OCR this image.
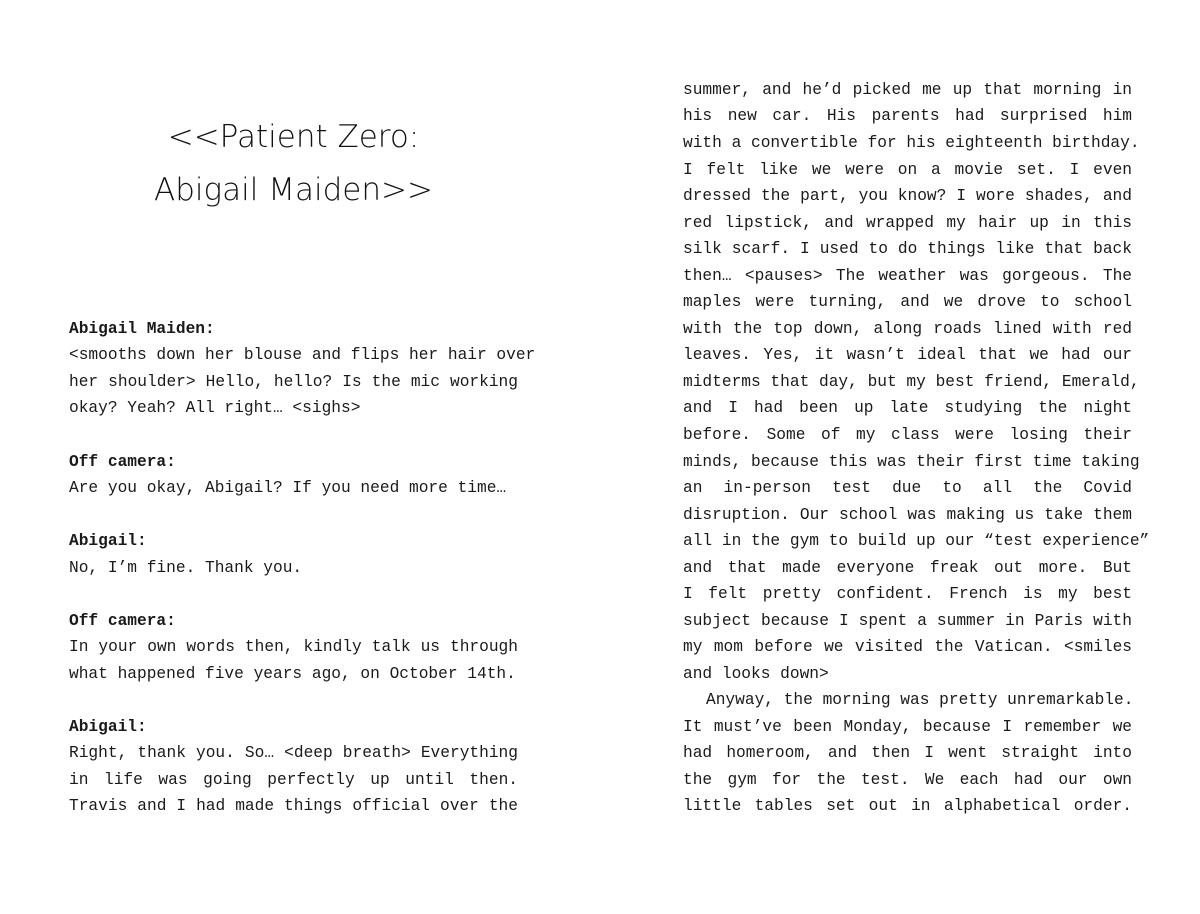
<<Patient Zero:
Abigail Maiden>>
Abigail Maiden:
<smooths down her blouse and flips her hair over
her shoulder> Hello, hello? Is the mic working
okay? Yeah? All right… <sighs>
Off camera:
Are you okay, Abigail? If you need more time…
Abigail:
No, I’m fine. Thank you.
Off camera:
In your own words then, kindly talk us through
what happened five years ago, on October 14th.
Abigail:
Right, thank you. So… <deep breath> Everything
in life was going perfectly up until then.
Travis and I had made things official over the
summer, and he’d picked me up that morning in
his new car. His parents had surprised him
with a convertible for his eighteenth birthday.
I felt like we were on a movie set. I even
dressed the part, you know? I wore shades, and
red lipstick, and wrapped my hair up in this
silk scarf. I used to do things like that back
then… <pauses> The weather was gorgeous. The
maples were turning, and we drove to school
with the top down, along roads lined with red
leaves. Yes, it wasn’t ideal that we had our
midterms that day, but my best friend, Emerald,
and I had been up late studying the night
before. Some of my class were losing their
minds, because this was their first time taking
an in-person test due to all the Covid
disruption. Our school was making us take them
all in the gym to build up our “test experience”
and that made everyone freak out more. But
I felt pretty confident. French is my best
subject because I spent a summer in Paris with
my mom before we visited the Vatican. <smiles
and looks down>
Anyway, the morning was pretty unremarkable.
It must’ve been Monday, because I remember we
had homeroom, and then I went straight into
the gym for the test. We each had our own
little tables set out in alphabetical order.
